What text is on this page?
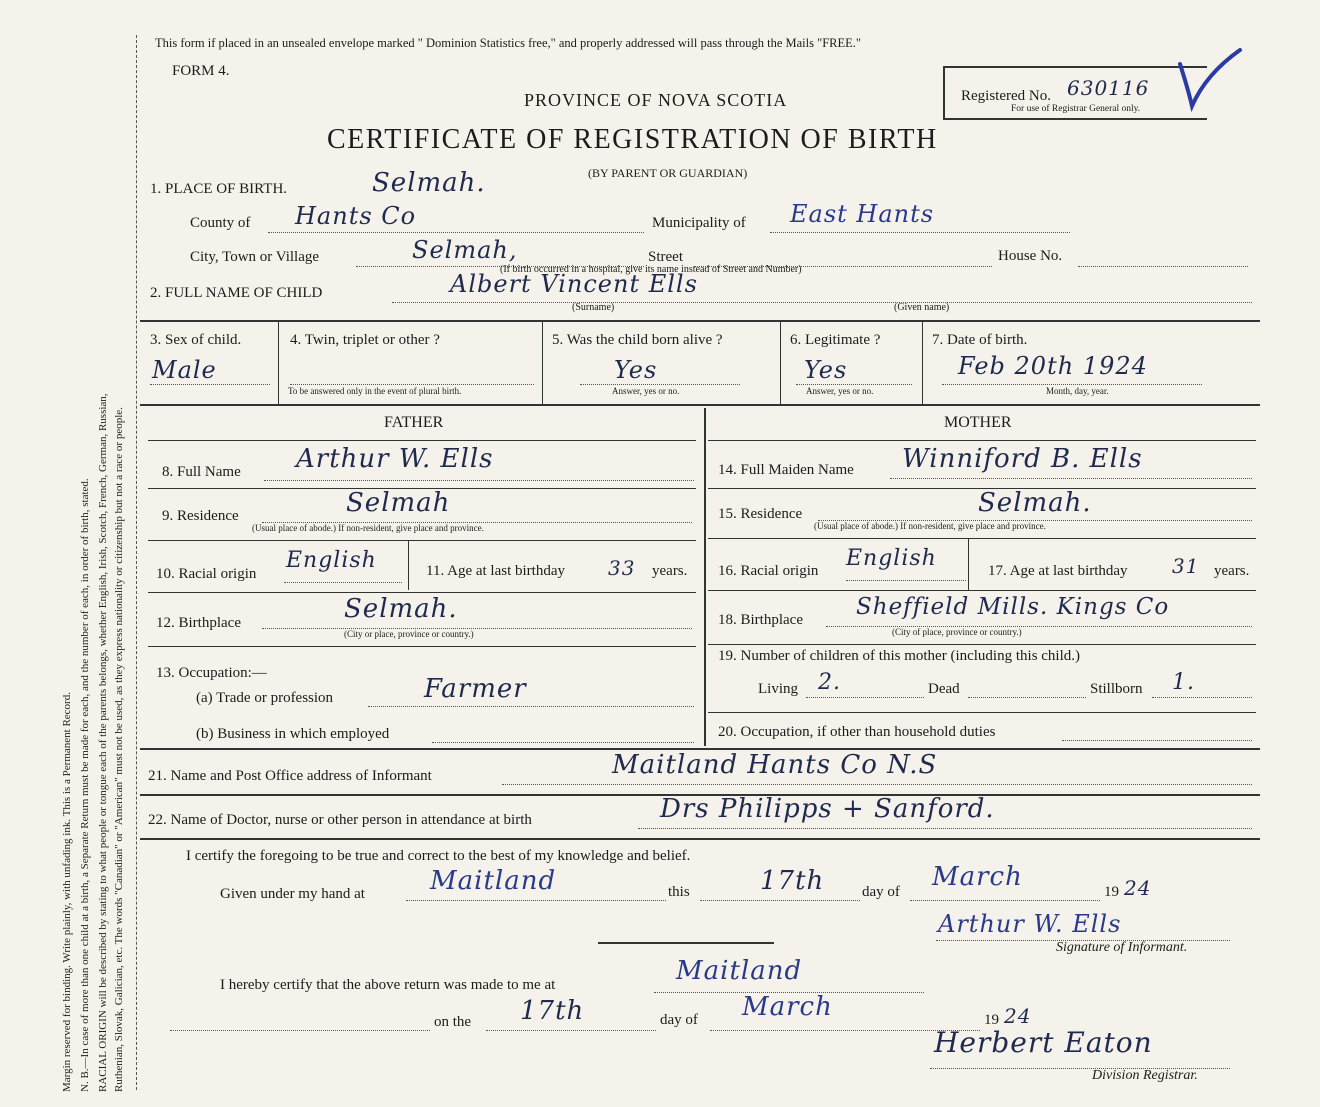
Margin reserved for binding. Write plainly, with unfading ink. This is a Permanent Record. N. B.—In case of more than one child at a birth, a Separate Return must be made for each, and the number of each, in order of birth, stated. RACIAL ORIGIN will be described by stating to what people or tongue each of the parents belongs, whether English, Irish, Scotch, French, German, Russian, Ruthenian, Slovak, Galician, etc. The words "Canadian" or "American" must not be used, as they express nationality or citizenship but not a race or people.
This form if placed in an unsealed envelope marked " Dominion Statistics free," and properly addressed will pass through the Mails "FREE."
FORM 4.
PROVINCE OF NOVA SCOTIA
CERTIFICATE OF REGISTRATION OF BIRTH
(BY PARENT OR GUARDIAN)
Registered No. 630116
For use of Registrar General only.
1. PLACE OF BIRTH.	Selmah.
County of Hants Co	Municipality of East Hants
City, Town or Village	Selmah,	Street	House No.
(If birth occurred in a hospital, give its name instead of Street and Number)
2. FULL NAME OF CHILD	Albert Vincent Ells
(Surname)	(Given name)
3. Sex of child.
Male
4. Twin, triplet or other ?
To be answered only in the event of plural birth.
5. Was the child born alive ?
Yes
Answer, yes or no.
6. Legitimate ?
Yes
Answer, yes or no.
7. Date of birth.
Feb 20th 1924
Month, day, year.
FATHER	MOTHER
8. Full Name Arthur W. Ells
9. Residence	Selmah
(Usual place of abode.) If non-resident, give place and province.
10. Racial origin
English	11. Age at last birthday 33 years.
12. Birthplace	Selmah.
(City or place, province or country.)
13. Occupation:—
(a) Trade or profession	Farmer
(b) Business in which employed
14. Full Maiden Name Winniford B. Ells
15. Residence	Selmah.
(Usual place of abode.) If non-resident, give place and province.
16. Racial origin English	17. Age at last birthday 31 years.
18. Birthplace Sheffield Mills. Kings Co
(City of place, province or country.)
19. Number of children of this mother (including this child.)
Living 2.	Dead	Stillborn 1.
20. Occupation, if other than household duties
21. Name and Post Office address of Informant	Maitland Hants Co N.S
22. Name of Doctor, nurse or other person in attendance at birth	Drs Philipps + Sanford.
I certify the foregoing to be true and correct to the best of my knowledge and belief.
Given under my hand at	Maitland	this	17th	day of March	19 24
Arthur W. Ells
Signature of Informant.
I hereby certify that the above return was made to me at	Maitland
on the 17th	day of March	19 24
Herbert Eaton
Division Registrar.
